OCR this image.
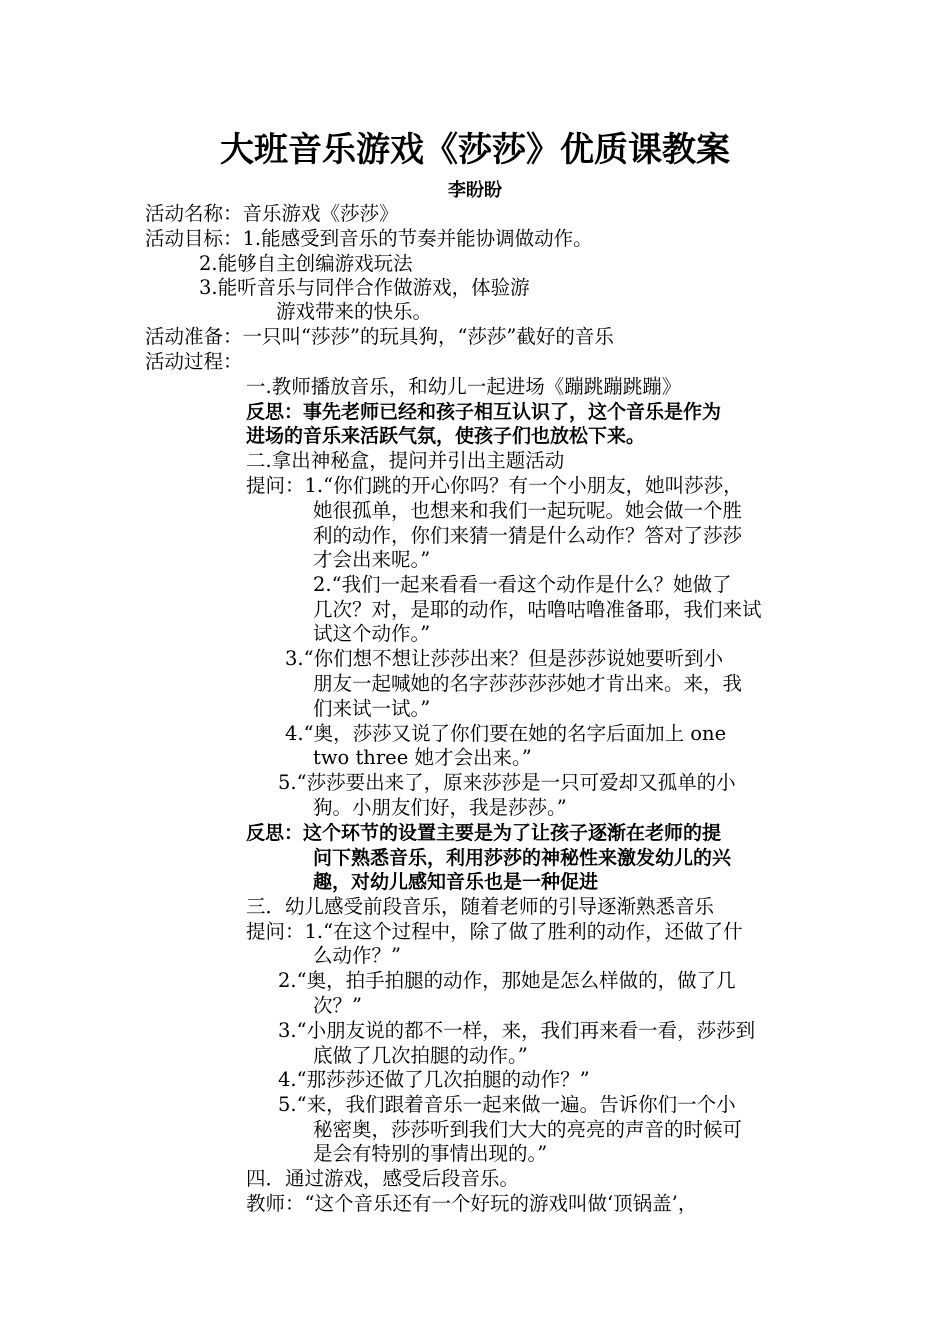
大班音乐游戏《莎莎》优质课教案
李盼盼
活动名称：音乐游戏《莎莎》
活动目标：1.能感受到音乐的节奏并能协调做动作。
2.能够自主创编游戏玩法
3.能听音乐与同伴合作做游戏，体验游
游戏带来的快乐。
活动准备：一只叫“莎莎”的玩具狗，“莎莎”截好的音乐
活动过程：
一.教师播放音乐，和幼儿一起进场《蹦跳蹦跳蹦》
反思：事先老师已经和孩子相互认识了，这个音乐是作为
进场的音乐来活跃气氛，使孩子们也放松下来。
二.拿出神秘盒，提问并引出主题活动
提问：1.“你们跳的开心你吗？有一个小朋友，她叫莎莎，
她很孤单，也想来和我们一起玩呢。她会做一个胜
利的动作，你们来猜一猜是什么动作？答对了莎莎
才会出来呢。”
2.“我们一起来看看一看这个动作是什么？她做了
几次？对，是耶的动作，咕噜咕噜准备耶，我们来试
试这个动作。”
3.“你们想不想让莎莎出来？但是莎莎说她要听到小
朋友一起喊她的名字莎莎莎莎她才肯出来。来，我
们来试一试。”
4.“奥，莎莎又说了你们要在她的名字后面加上 one
two three 她才会出来。”
5.“莎莎要出来了，原来莎莎是一只可爱却又孤单的小
狗。小朋友们好，我是莎莎。”
反思：这个环节的设置主要是为了让孩子逐渐在老师的提
问下熟悉音乐，利用莎莎的神秘性来激发幼儿的兴
趣，对幼儿感知音乐也是一种促进
三．幼儿感受前段音乐，随着老师的引导逐渐熟悉音乐
提问：1.“在这个过程中，除了做了胜利的动作，还做了什
么动作？”
2.“奥，拍手拍腿的动作，那她是怎么样做的，做了几
次？”
3.“小朋友说的都不一样，来，我们再来看一看，莎莎到
底做了几次拍腿的动作。”
4.“那莎莎还做了几次拍腿的动作？”
5.“来，我们跟着音乐一起来做一遍。告诉你们一个小
秘密奥，莎莎听到我们大大的亮亮的声音的时候可
是会有特别的事情出现的。”
四．通过游戏，感受后段音乐。
教师：“这个音乐还有一个好玩的游戏叫做‘顶锅盖’，
